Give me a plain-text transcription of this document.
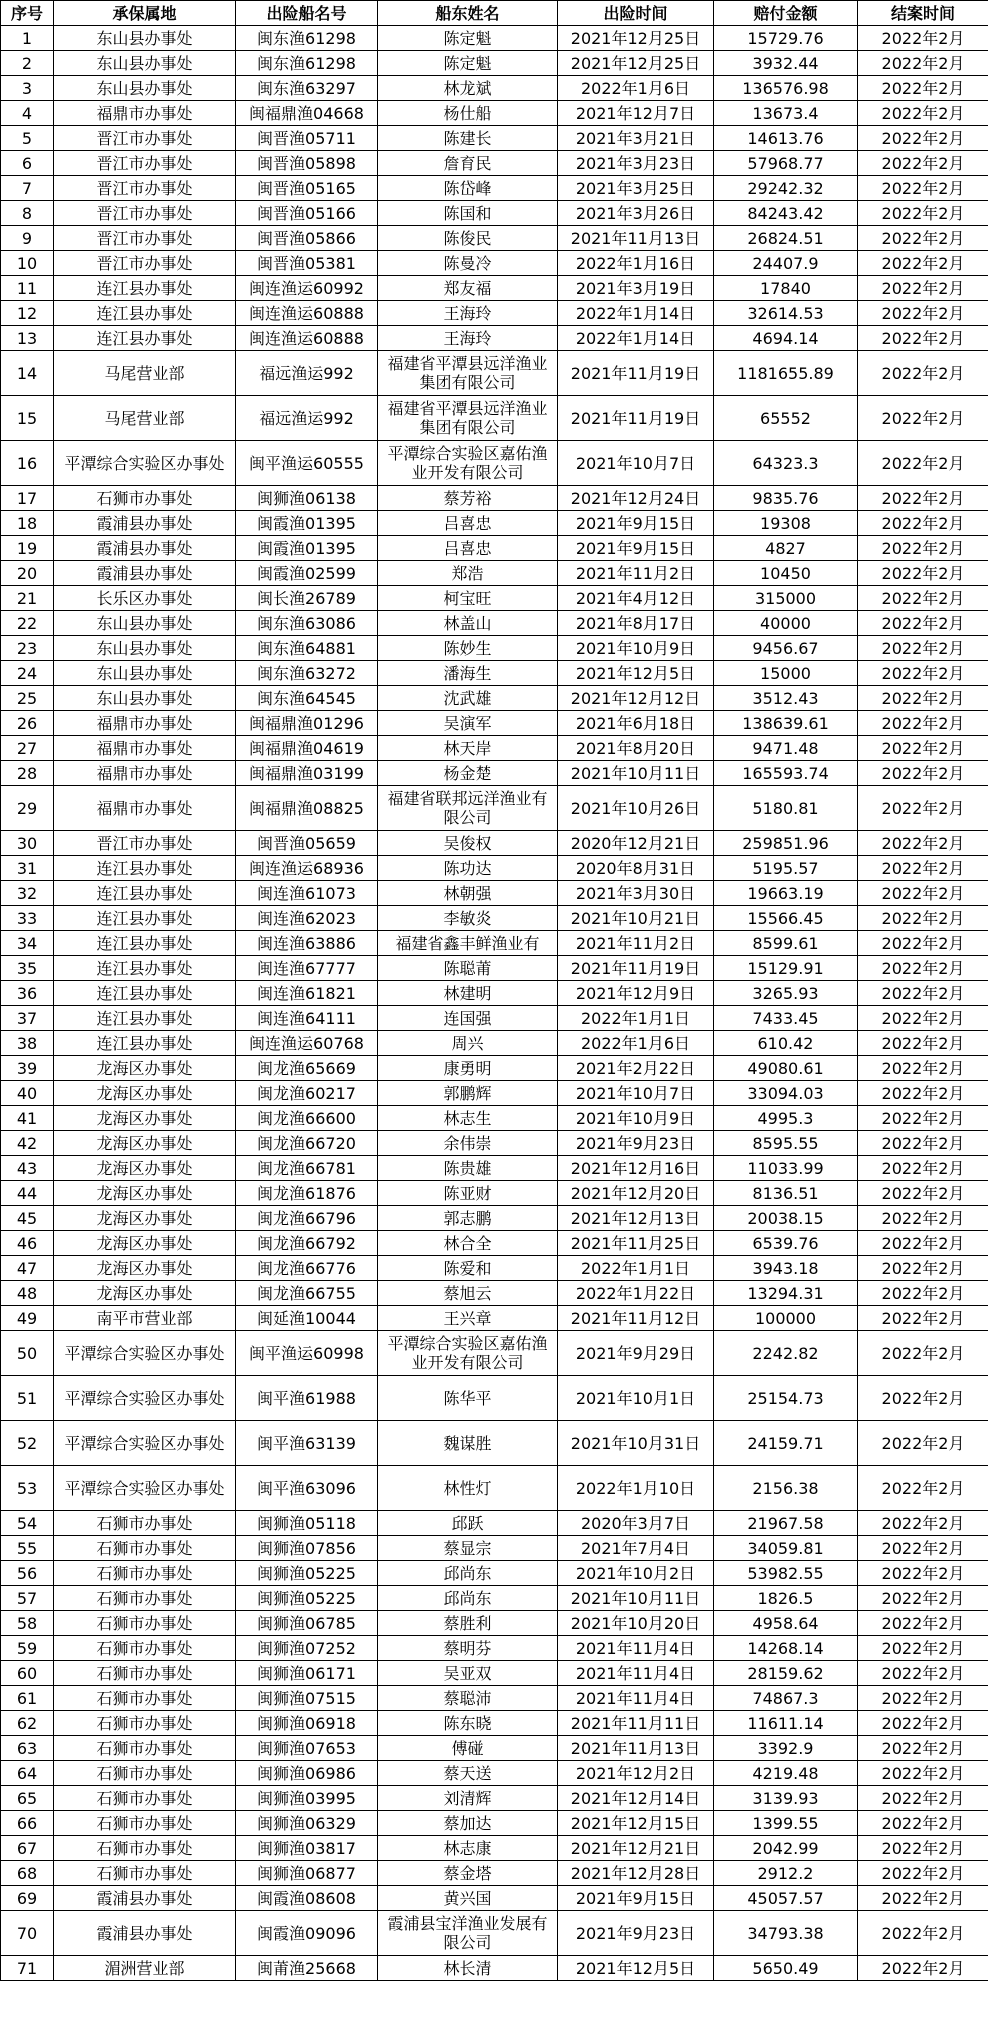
序号	承保属地	出险船名号	船东姓名	出险时间	赔付金额	结案时间
1	东山县办事处	闽东渔61298	陈定魁	2021年12月25日	15729.76	2022年2月
2	东山县办事处	闽东渔61298	陈定魁	2021年12月25日	3932.44	2022年2月
3	东山县办事处	闽东渔63297	林龙斌	2022年1月6日	136576.98	2022年2月
4	福鼎市办事处	闽福鼎渔04668	杨仕船	2021年12月7日	13673.4	2022年2月
5	晋江市办事处	闽晋渔05711	陈建长	2021年3月21日	14613.76	2022年2月
6	晋江市办事处	闽晋渔05898	詹育民	2021年3月23日	57968.77	2022年2月
7	晋江市办事处	闽晋渔05165	陈岱峰	2021年3月25日	29242.32	2022年2月
8	晋江市办事处	闽晋渔05166	陈国和	2021年3月26日	84243.42	2022年2月
9	晋江市办事处	闽晋渔05866	陈俊民	2021年11月13日	26824.51	2022年2月
10	晋江市办事处	闽晋渔05381	陈曼冷	2022年1月16日	24407.9	2022年2月
11	连江县办事处	闽连渔运60992	郑友福	2021年3月19日	17840	2022年2月
12	连江县办事处	闽连渔运60888	王海玲	2022年1月14日	32614.53	2022年2月
13	连江县办事处	闽连渔运60888	王海玲	2022年1月14日	4694.14	2022年2月
14	马尾营业部	福远渔运992	福建省平潭县远洋渔业集团有限公司	2021年11月19日	1181655.89	2022年2月
15	马尾营业部	福远渔运992	福建省平潭县远洋渔业集团有限公司	2021年11月19日	65552	2022年2月
16	平潭综合实验区办事处	闽平渔运60555	平潭综合实验区嘉佑渔业开发有限公司	2021年10月7日	64323.3	2022年2月
17	石狮市办事处	闽狮渔06138	蔡芳裕	2021年12月24日	9835.76	2022年2月
18	霞浦县办事处	闽霞渔01395	吕喜忠	2021年9月15日	19308	2022年2月
19	霞浦县办事处	闽霞渔01395	吕喜忠	2021年9月15日	4827	2022年2月
20	霞浦县办事处	闽霞渔02599	郑浩	2021年11月2日	10450	2022年2月
21	长乐区办事处	闽长渔26789	柯宝旺	2021年4月12日	315000	2022年2月
22	东山县办事处	闽东渔63086	林盖山	2021年8月17日	40000	2022年2月
23	东山县办事处	闽东渔64881	陈妙生	2021年10月9日	9456.67	2022年2月
24	东山县办事处	闽东渔63272	潘海生	2021年12月5日	15000	2022年2月
25	东山县办事处	闽东渔64545	沈武雄	2021年12月12日	3512.43	2022年2月
26	福鼎市办事处	闽福鼎渔01296	吴演军	2021年6月18日	138639.61	2022年2月
27	福鼎市办事处	闽福鼎渔04619	林天岸	2021年8月20日	9471.48	2022年2月
28	福鼎市办事处	闽福鼎渔03199	杨金楚	2021年10月11日	165593.74	2022年2月
29	福鼎市办事处	闽福鼎渔08825	福建省联邦远洋渔业有限公司	2021年10月26日	5180.81	2022年2月
30	晋江市办事处	闽晋渔05659	吴俊权	2020年12月21日	259851.96	2022年2月
31	连江县办事处	闽连渔运68936	陈功达	2020年8月31日	5195.57	2022年2月
32	连江县办事处	闽连渔61073	林朝强	2021年3月30日	19663.19	2022年2月
33	连江县办事处	闽连渔62023	李敏炎	2021年10月21日	15566.45	2022年2月
34	连江县办事处	闽连渔63886	福建省鑫丰鲜渔业有	2021年11月2日	8599.61	2022年2月
35	连江县办事处	闽连渔67777	陈聪莆	2021年11月19日	15129.91	2022年2月
36	连江县办事处	闽连渔61821	林建明	2021年12月9日	3265.93	2022年2月
37	连江县办事处	闽连渔64111	连国强	2022年1月1日	7433.45	2022年2月
38	连江县办事处	闽连渔运60768	周兴	2022年1月6日	610.42	2022年2月
39	龙海区办事处	闽龙渔65669	康勇明	2021年2月22日	49080.61	2022年2月
40	龙海区办事处	闽龙渔60217	郭鹏辉	2021年10月7日	33094.03	2022年2月
41	龙海区办事处	闽龙渔66600	林志生	2021年10月9日	4995.3	2022年2月
42	龙海区办事处	闽龙渔66720	余伟崇	2021年9月23日	8595.55	2022年2月
43	龙海区办事处	闽龙渔66781	陈贵雄	2021年12月16日	11033.99	2022年2月
44	龙海区办事处	闽龙渔61876	陈亚财	2021年12月20日	8136.51	2022年2月
45	龙海区办事处	闽龙渔66796	郭志鹏	2021年12月13日	20038.15	2022年2月
46	龙海区办事处	闽龙渔66792	林合全	2021年11月25日	6539.76	2022年2月
47	龙海区办事处	闽龙渔66776	陈爱和	2022年1月1日	3943.18	2022年2月
48	龙海区办事处	闽龙渔66755	蔡旭云	2022年1月22日	13294.31	2022年2月
49	南平市营业部	闽延渔10044	王兴章	2021年11月12日	100000	2022年2月
50	平潭综合实验区办事处	闽平渔运60998	平潭综合实验区嘉佑渔业开发有限公司	2021年9月29日	2242.82	2022年2月
51	平潭综合实验区办事处	闽平渔61988	陈华平	2021年10月1日	25154.73	2022年2月
52	平潭综合实验区办事处	闽平渔63139	魏谋胜	2021年10月31日	24159.71	2022年2月
53	平潭综合实验区办事处	闽平渔63096	林性灯	2022年1月10日	2156.38	2022年2月
54	石狮市办事处	闽狮渔05118	邱跃	2020年3月7日	21967.58	2022年2月
55	石狮市办事处	闽狮渔07856	蔡显宗	2021年7月4日	34059.81	2022年2月
56	石狮市办事处	闽狮渔05225	邱尚东	2021年10月2日	53982.55	2022年2月
57	石狮市办事处	闽狮渔05225	邱尚东	2021年10月11日	1826.5	2022年2月
58	石狮市办事处	闽狮渔06785	蔡胜利	2021年10月20日	4958.64	2022年2月
59	石狮市办事处	闽狮渔07252	蔡明芬	2021年11月4日	14268.14	2022年2月
60	石狮市办事处	闽狮渔06171	吴亚双	2021年11月4日	28159.62	2022年2月
61	石狮市办事处	闽狮渔07515	蔡聪沛	2021年11月4日	74867.3	2022年2月
62	石狮市办事处	闽狮渔06918	陈东晓	2021年11月11日	11611.14	2022年2月
63	石狮市办事处	闽狮渔07653	傅碰	2021年11月13日	3392.9	2022年2月
64	石狮市办事处	闽狮渔06986	蔡天送	2021年12月2日	4219.48	2022年2月
65	石狮市办事处	闽狮渔03995	刘清辉	2021年12月14日	3139.93	2022年2月
66	石狮市办事处	闽狮渔06329	蔡加达	2021年12月15日	1399.55	2022年2月
67	石狮市办事处	闽狮渔03817	林志康	2021年12月21日	2042.99	2022年2月
68	石狮市办事处	闽狮渔06877	蔡金塔	2021年12月28日	2912.2	2022年2月
69	霞浦县办事处	闽霞渔08608	黄兴国	2021年9月15日	45057.57	2022年2月
70	霞浦县办事处	闽霞渔09096	霞浦县宝洋渔业发展有限公司	2021年9月23日	34793.38	2022年2月
71	湄洲营业部	闽莆渔25668	林长清	2021年12月5日	5650.49	2022年2月
